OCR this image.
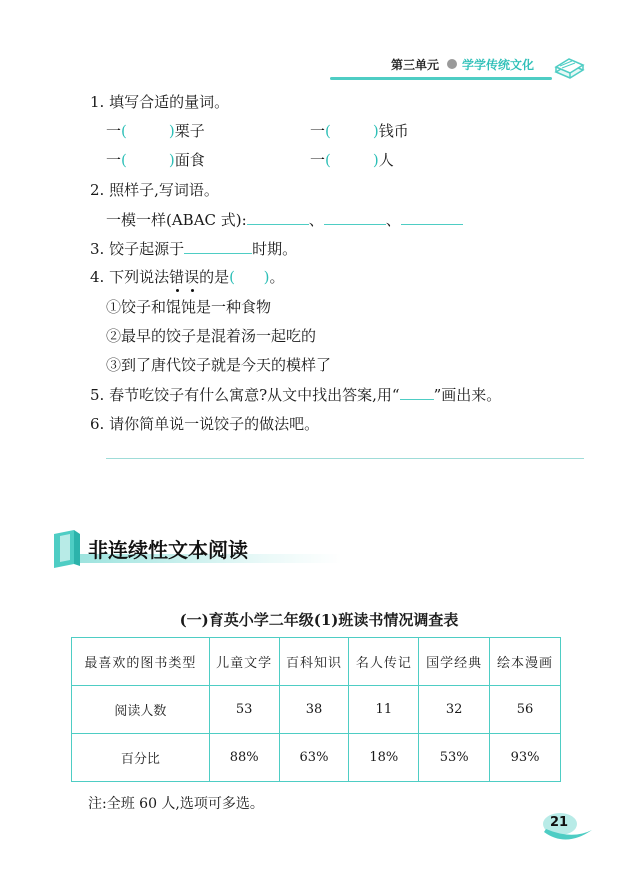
第三单元 学学传统文化
1. 填写合适的量词。
一(	)栗子	一(	)钱币
一(	)面食	一(	)人
2. 照样子,写词语。
一模一样(ABAC 式):	、	、
3. 饺子起源于	时期。
4. 下列说法错误的是(      )。
①饺子和馄饨是一种食物
②最早的饺子是混着汤一起吃的
③到了唐代饺子就是今天的模样了
5. 春节吃饺子有什么寓意?从文中找出答案,用“ ”画出来。
6. 请你简单说一说饺子的做法吧。
非连续性文本阅读
(一)育英小学二年级(1)班读书情况调查表
最喜欢的图书类型	儿童文学	百科知识	名人传记	国学经典	绘本漫画
阅读人数	53	38	11	32	56
百分比	88%	63%	18%	53%	93%
注:全班 60 人,选项可多选。
21
